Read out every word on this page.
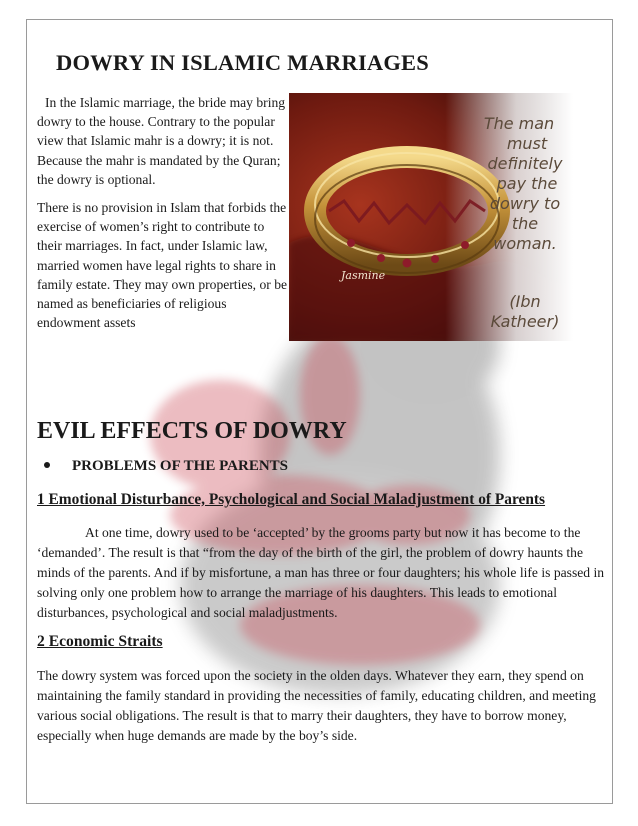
DOWRY IN ISLAMIC MARRIAGES

In the Islamic marriage, the bride may bring dowry to the house. Contrary to the popular view that Islamic mahr is a dowry; it is not. Because the mahr is mandated by the Quran; the dowry is optional.

There is no provision in Islam that forbids the exercise of women’s right to contribute to their marriages. In fact, under Islamic law, married women have legal rights to share in family estate. They may own properties, or be named as beneficiaries of religious endowment assets

The man
must
definitely
pay the
dowry to
the
woman.
(Ibn
Katheer)
Jasmine
EVIL EFFECTS OF DOWRY
PROBLEMS OF THE PARENTS
1 Emotional Disturbance, Psychological and Social Maladjustment of Parents

At one time, dowry used to be ‘accepted’ by the grooms party but now it has become to the ‘demanded’. The result is that “from the day of the birth of the girl, the problem of dowry haunts the minds of the parents. And if by misfortune, a man has three or four daughters; his whole life is passed in solving only one problem how to arrange the marriage of his daughters. This leads to emotional disturbances, psychological and social maladjustments.

2 Economic Straits

The dowry system was forced upon the society in the olden days. Whatever they earn, they spend on maintaining the family standard in providing the necessities of family, educating children, and meeting various social obligations. The result is that to marry their daughters, they have to borrow money, especially when huge demands are made by the boy’s side.
